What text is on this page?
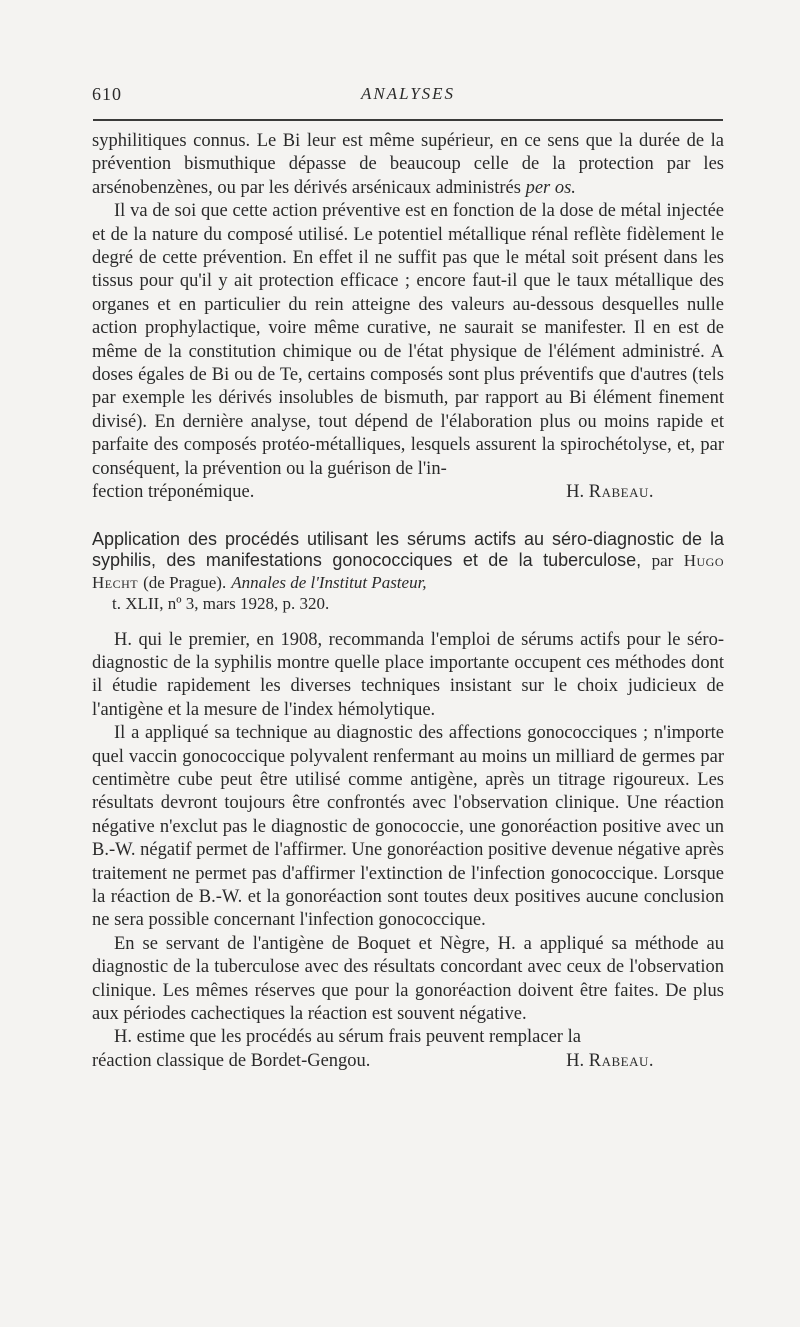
610	ANALYSES

syphilitiques connus. Le Bi leur est même supérieur, en ce sens que la durée de la prévention bismuthique dépasse de beaucoup celle de la protection par les arsénobenzènes, ou par les dérivés arsénicaux administrés per os.

Il va de soi que cette action préventive est en fonction de la dose de métal injectée et de la nature du composé utilisé. Le potentiel métallique rénal reflète fidèlement le degré de cette prévention. En effet il ne suffit pas que le métal soit présent dans les tissus pour qu'il y ait protection efficace ; encore faut-il que le taux métallique des organes et en particulier du rein atteigne des valeurs au-dessous desquelles nulle action prophylactique, voire même curative, ne saurait se manifester. Il en est de même de la constitution chimique ou de l'état physique de l'élément administré. A doses égales de Bi ou de Te, certains composés sont plus préventifs que d'autres (tels par exemple les dérivés insolubles de bismuth, par rapport au Bi élément finement divisé). En dernière analyse, tout dépend de l'élaboration plus ou moins rapide et parfaite des composés protéo-métalliques, lesquels assurent la spirochétolyse, et, par conséquent, la prévention ou la guérison de l'in-

fection tréponémique.	H. Rabeau.
Application des procédés utilisant les sérums actifs au séro-diagnostic de la syphilis, des manifestations gonococciques et de la tuberculose, par Hugo Hecht (de Prague). Annales de l'Institut Pasteur,
t. XLII, nº 3, mars 1928, p. 320.

H. qui le premier, en 1908, recommanda l'emploi de sérums actifs pour le séro-diagnostic de la syphilis montre quelle place importante occupent ces méthodes dont il étudie rapidement les diverses techniques insistant sur le choix judicieux de l'antigène et la mesure de l'index hémolytique.

Il a appliqué sa technique au diagnostic des affections gonococciques ; n'importe quel vaccin gonococcique polyvalent renfermant au moins un milliard de germes par centimètre cube peut être utilisé comme antigène, après un titrage rigoureux. Les résultats devront toujours être confrontés avec l'observation clinique. Une réaction négative n'exclut pas le diagnostic de gonococcie, une gonoréaction positive avec un B.-W. négatif permet de l'affirmer. Une gonoréaction positive devenue négative après traitement ne permet pas d'affirmer l'extinction de l'infection gonococcique. Lorsque la réaction de B.-W. et la gonoréaction sont toutes deux positives aucune conclusion ne sera possible concernant l'infection gonococcique.

En se servant de l'antigène de Boquet et Nègre, H. a appliqué sa méthode au diagnostic de la tuberculose avec des résultats concordant avec ceux de l'observation clinique. Les mêmes réserves que pour la gonoréaction doivent être faites. De plus aux périodes cachectiques la réaction est souvent négative.

H. estime que les procédés au sérum frais peuvent remplacer la

réaction classique de Bordet-Gengou.	H. Rabeau.
